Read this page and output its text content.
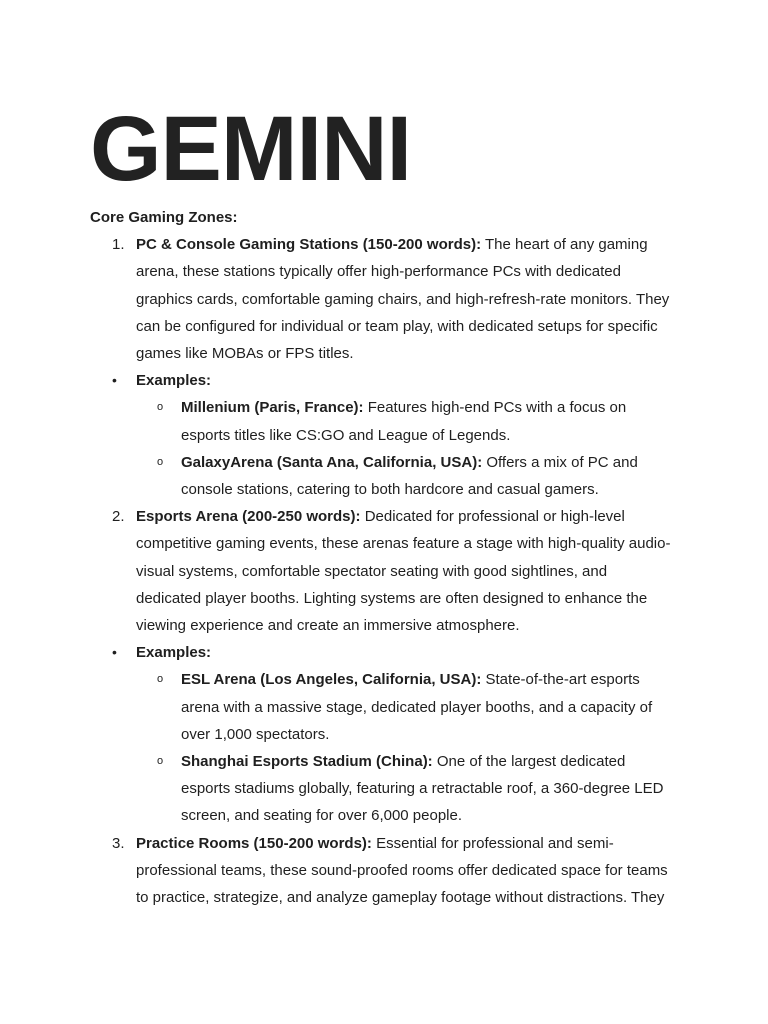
GEMINI

Core Gaming Zones:

1. PC & Console Gaming Stations (150-200 words): The heart of any gaming arena, these stations typically offer high-performance PCs with dedicated graphics cards, comfortable gaming chairs, and high-refresh-rate monitors. They can be configured for individual or team play, with dedicated setups for specific games like MOBAs or FPS titles.
• Examples:
o Millenium (Paris, France): Features high-end PCs with a focus on esports titles like CS:GO and League of Legends.
o GalaxyArena (Santa Ana, California, USA): Offers a mix of PC and console stations, catering to both hardcore and casual gamers.
2. Esports Arena (200-250 words): Dedicated for professional or high-level competitive gaming events, these arenas feature a stage with high-quality audio-visual systems, comfortable spectator seating with good sightlines, and dedicated player booths. Lighting systems are often designed to enhance the viewing experience and create an immersive atmosphere.
• Examples:
o ESL Arena (Los Angeles, California, USA): State-of-the-art esports arena with a massive stage, dedicated player booths, and a capacity of over 1,000 spectators.
o Shanghai Esports Stadium (China): One of the largest dedicated esports stadiums globally, featuring a retractable roof, a 360-degree LED screen, and seating for over 6,000 people.
3. Practice Rooms (150-200 words): Essential for professional and semi-professional teams, these sound-proofed rooms offer dedicated space for teams to practice, strategize, and analyze gameplay footage without distractions. They
